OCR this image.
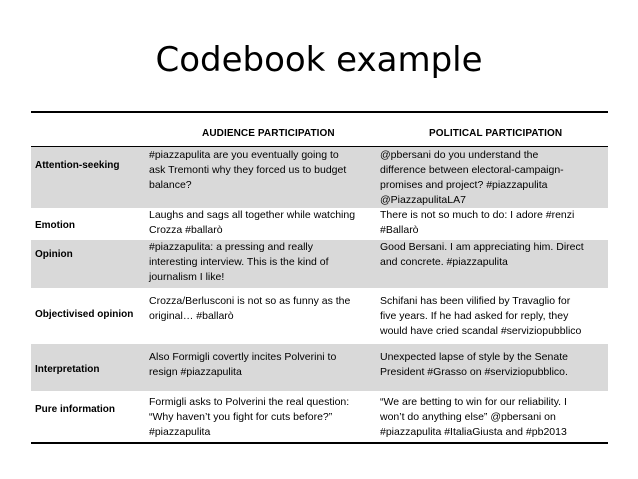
Codebook example
AUDIENCE PARTICIPATION	POLITICAL PARTICIPATION
Attention-seeking
#piazzapulita are you eventually going to
ask Tremonti why they forced us to budget
balance?
@pbersani do you understand the
difference between electoral-campaign-
promises and project? #piazzapulita
@PiazzapulitaLA7
Emotion
Laughs and sags all together while watching
Crozza #ballarò
There is not so much to do: I adore #renzi
#Ballarò
Opinion
#piazzapulita: a pressing and really
interesting interview. This is the kind of
journalism I like!
Good Bersani. I am appreciating him. Direct
and concrete. #piazzapulita
Objectivised opinion
Crozza/Berlusconi is not so as funny as the
original… #ballarò
Schifani has been vilified by Travaglio for
five years. If he had asked for reply, they
would have cried scandal #serviziopubblico
Interpretation
Also Formigli covertly incites Polverini to
resign #piazzapulita
Unexpected lapse of style by the Senate
President #Grasso on #serviziopubblico.
Pure information
Formigli asks to Polverini the real question:
“Why haven’t you fight for cuts before?”
#piazzapulita
“We are betting to win for our reliability. I
won’t do anything else” @pbersani on
#piazzapulita #ItaliaGiusta and #pb2013
